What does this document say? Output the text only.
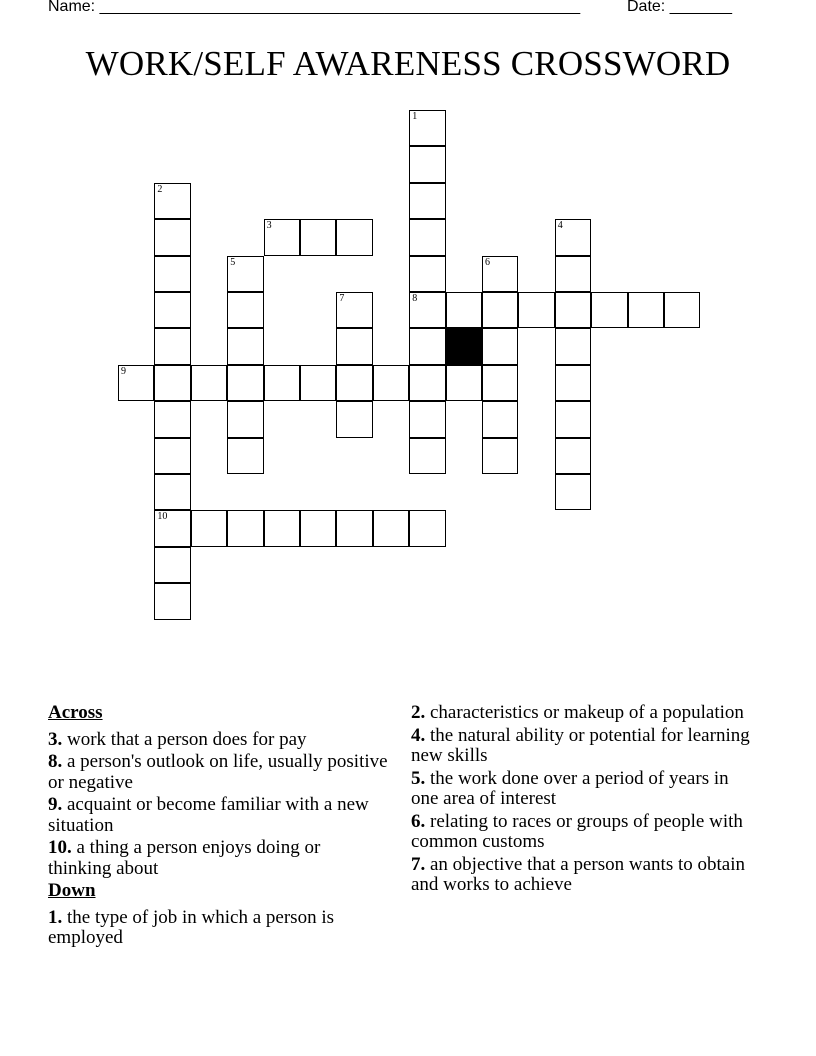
Name: ______________________________________________________	Date: _______
WORK/SELF AWARENESS CROSSWORD
1
8
2
10
3	4
5	6
7
9
Across
3. work that a person does for pay
8. a person's outlook on life, usually positive or negative
9. acquaint or become familiar with a new situation
10. a thing a person enjoys doing or thinking about
Down
1. the type of job in which a person is employed
2. characteristics or makeup of a population
4. the natural ability or potential for learning new skills
5. the work done over a period of years in one area of interest
6. relating to races or groups of people with common customs
7. an objective that a person wants to obtain and works to achieve
